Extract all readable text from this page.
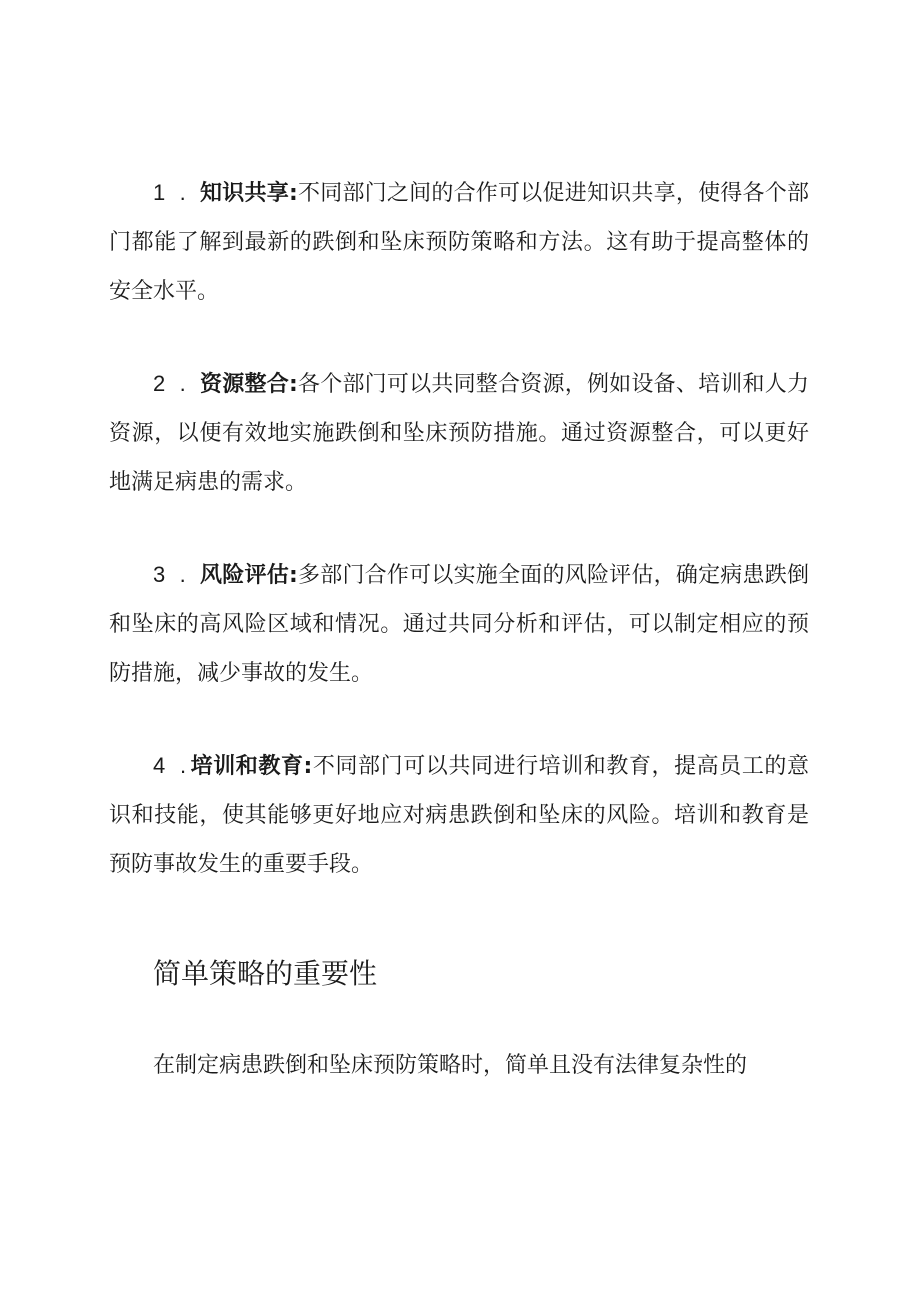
1 . 知识共享:不同部门之间的合作可以促进知识共享，使得各个部门都能了解到最新的跌倒和坠床预防策略和方法。这有助于提高整体的安全水平。

2 . 资源整合:各个部门可以共同整合资源，例如设备、培训和人力资源，以便有效地实施跌倒和坠床预防措施。通过资源整合，可以更好地满足病患的需求。

3 . 风险评估:多部门合作可以实施全面的风险评估，确定病患跌倒和坠床的高风险区域和情况。通过共同分析和评估，可以制定相应的预防措施，减少事故的发生。

4 .培训和教育:不同部门可以共同进行培训和教育，提高员工的意识和技能，使其能够更好地应对病患跌倒和坠床的风险。培训和教育是预防事故发生的重要手段。

简单策略的重要性

在制定病患跌倒和坠床预防策略时，简单且没有法律复杂性的
